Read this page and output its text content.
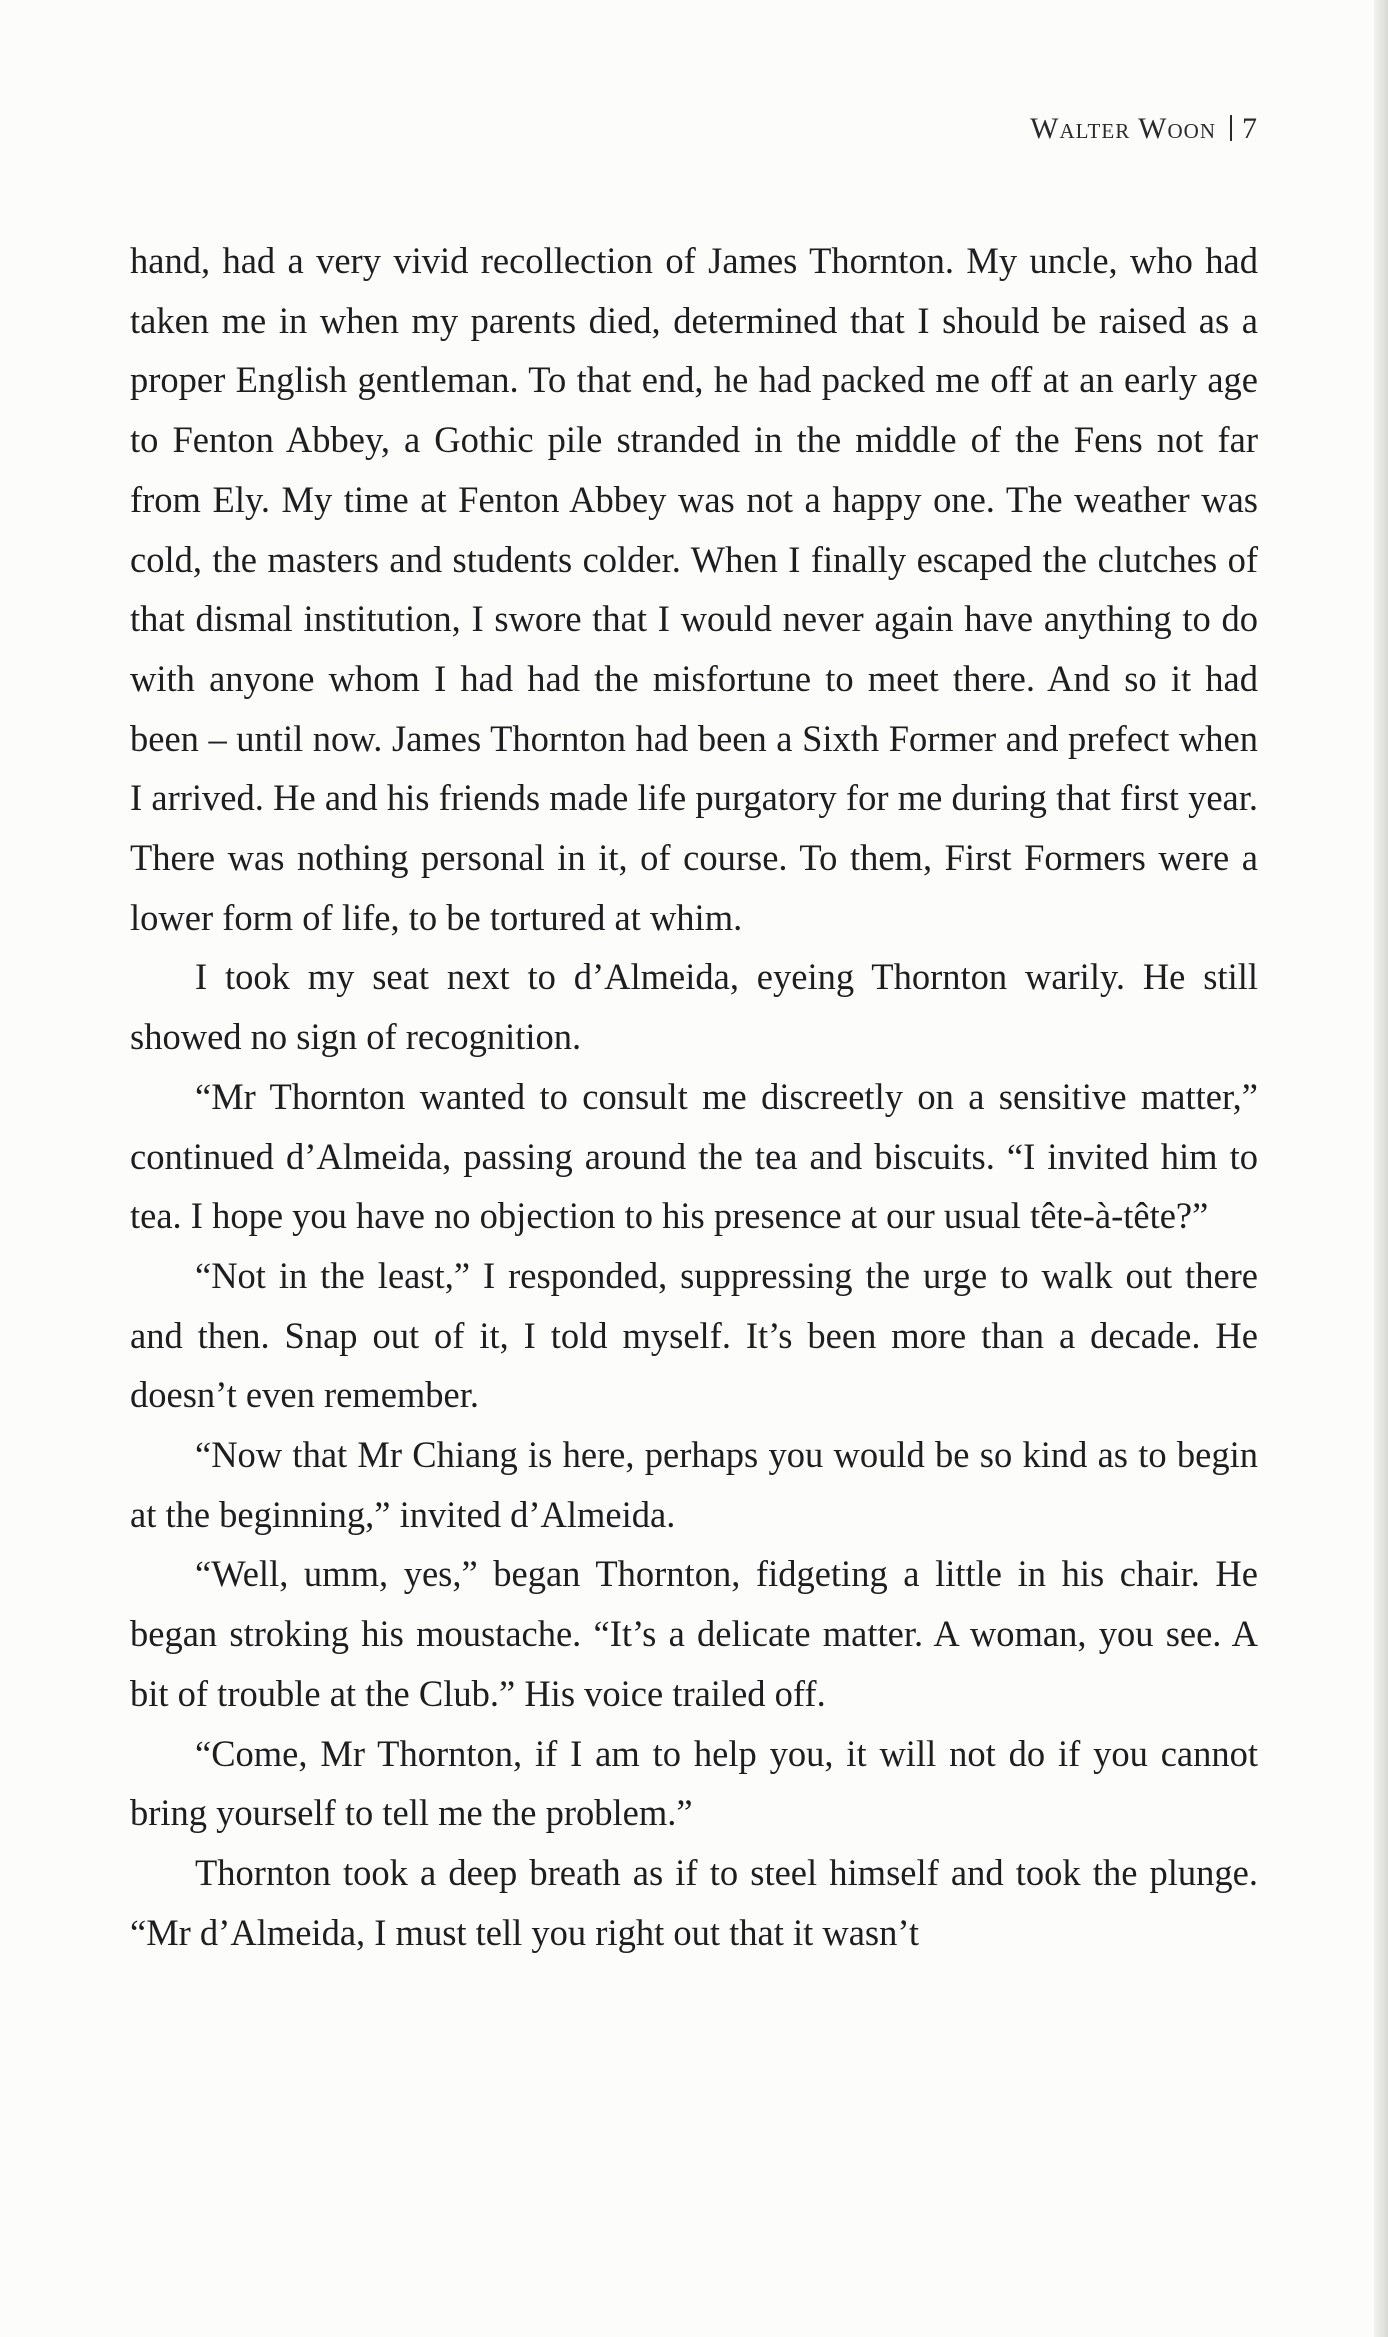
Walter Woon 7

hand, had a very vivid recollection of James Thornton. My uncle, who had taken me in when my parents died, determined that I should be raised as a proper English gentleman. To that end, he had packed me off at an early age to Fenton Abbey, a Gothic pile stranded in the middle of the Fens not far from Ely. My time at Fenton Abbey was not a happy one. The weather was cold, the masters and students colder. When I finally escaped the clutches of that dismal institution, I swore that I would never again have anything to do with anyone whom I had had the misfortune to meet there. And so it had been – until now. James Thornton had been a Sixth Former and prefect when I arrived. He and his friends made life purgatory for me during that first year. There was nothing personal in it, of course. To them, First Formers were a lower form of life, to be tortured at whim.

I took my seat next to d’Almeida, eyeing Thornton warily. He still showed no sign of recognition.

“Mr Thornton wanted to consult me discreetly on a sensitive matter,” continued d’Almeida, passing around the tea and biscuits. “I invited him to tea. I hope you have no objection to his presence at our usual tête-à-tête?”

“Not in the least,” I responded, suppressing the urge to walk out there and then. Snap out of it, I told myself. It’s been more than a decade. He doesn’t even remember.

“Now that Mr Chiang is here, perhaps you would be so kind as to begin at the beginning,” invited d’Almeida.

“Well, umm, yes,” began Thornton, fidgeting a little in his chair. He began stroking his moustache. “It’s a delicate matter. A woman, you see. A bit of trouble at the Club.” His voice trailed off.

“Come, Mr Thornton, if I am to help you, it will not do if you cannot bring yourself to tell me the problem.”

Thornton took a deep breath as if to steel himself and took the plunge. “Mr d’Almeida, I must tell you right out that it wasn’t
